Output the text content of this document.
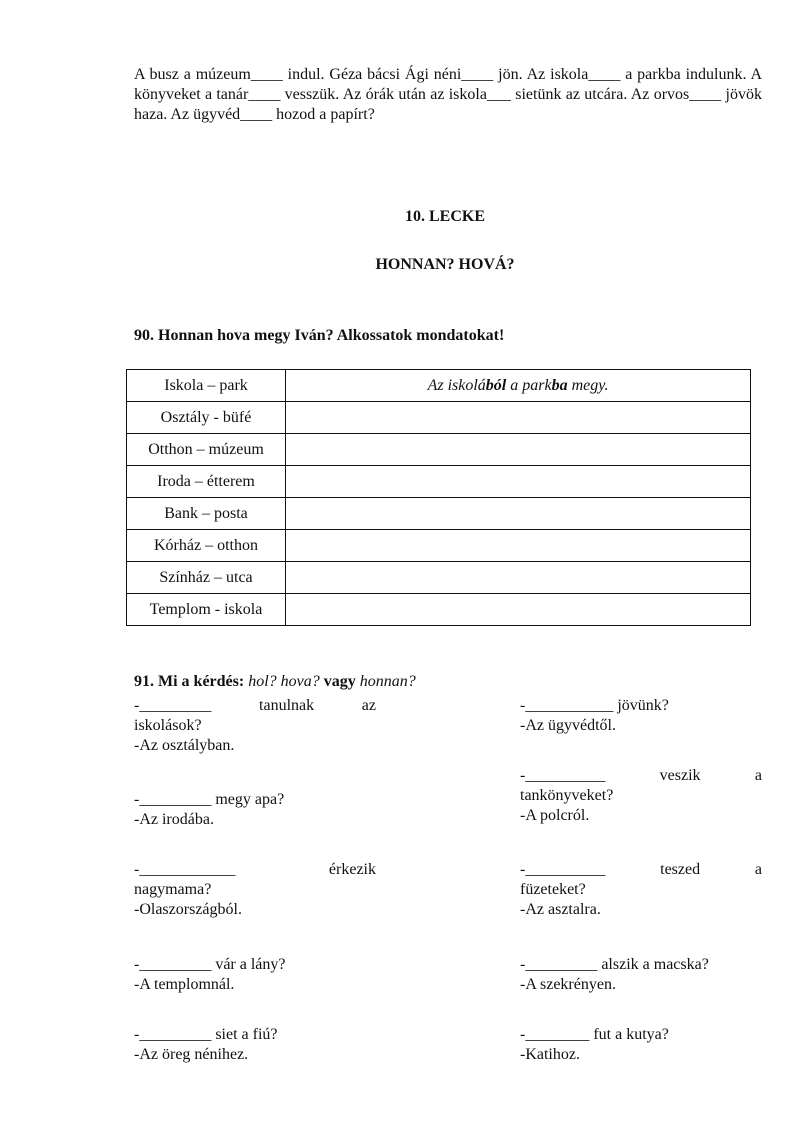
A busz a múzeum____ indul. Géza bácsi Ági néni____ jön. Az iskola____ a parkba indulunk. A könyveket a tanár____ vesszük. Az órák után az iskola___ sietünk az utcára. Az orvos____ jövök haza. Az ügyvéd____ hozod a papírt?
10. LECKE
HONNAN? HOVÁ?
90. Honnan hova megy Iván? Alkossatok mondatokat!
Iskola – park	Az iskolából a parkba megy.
Osztály - büfé	
Otthon – múzeum	
Iroda – étterem	
Bank – posta	
Kórház – otthon	
Színház – utca	
Templom - iskola	
91. Mi a kérdés: hol? hova? vagy honnan?
-_________ tanulnak az
iskolások?
-Az osztályban.
-_________ megy apa?
-Az irodába.
-____________ érkezik
nagymama?
-Olaszországból.
-_________ vár a lány?
-A templomnál.
-_________ siet a fiú?
-Az öreg nénihez.
-___________ jövünk?
-Az ügyvédtől.
-__________ veszik a
tankönyveket?
-A polcról.
-__________ teszed a
füzeteket?
-Az asztalra.
-_________ alszik a macska?
-A szekrényen.
-________ fut a kutya?
-Katihoz.
